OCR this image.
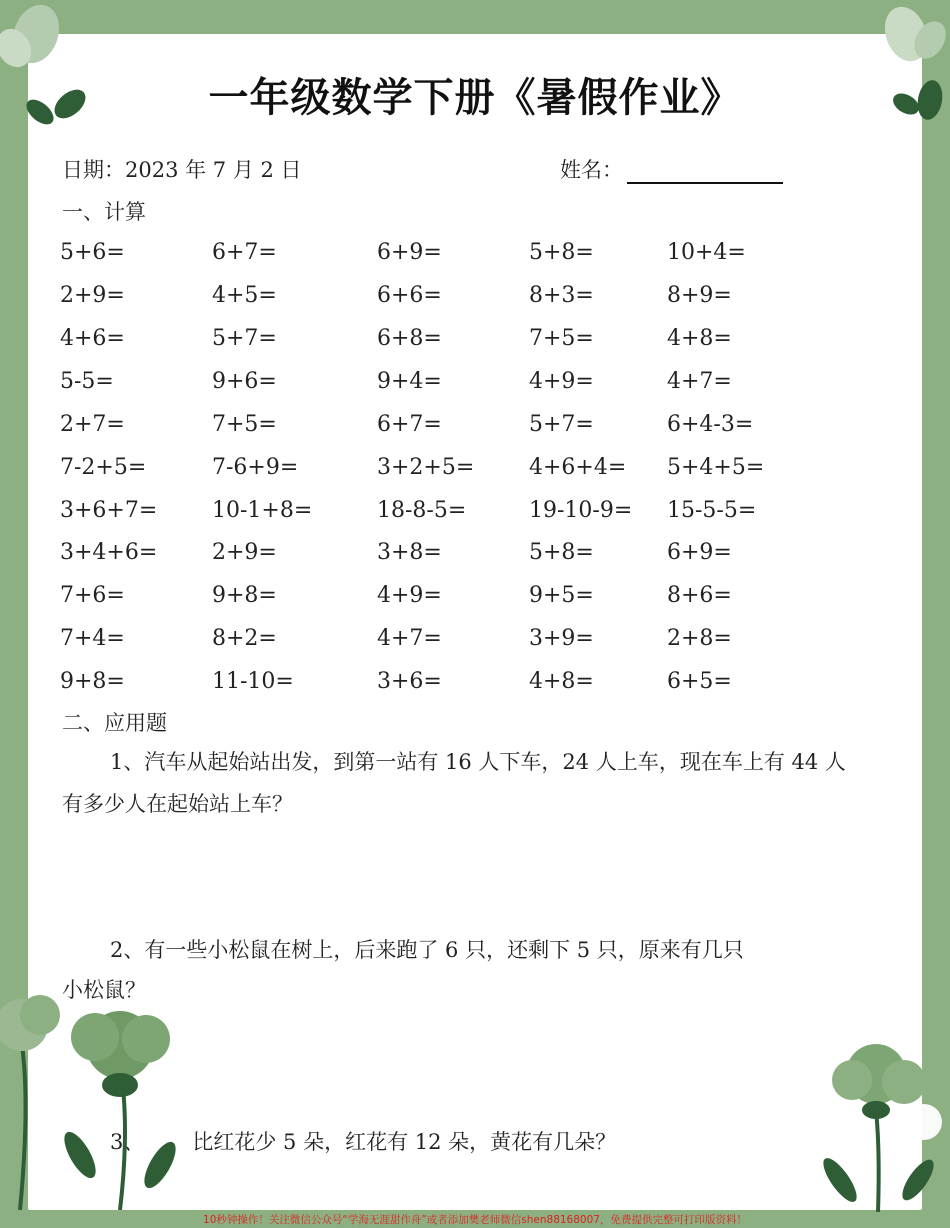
一年级数学下册《暑假作业》
日期：2023 年 7 月 2 日	姓名：
一、计算
5+6=	6+7=	6+9=	5+8=	10+4=
2+9=	4+5=	6+6=	8+3=	8+9=
4+6=	5+7=	6+8=	7+5=	4+8=
5-5=	9+6=	9+4=	4+9=	4+7=
2+7=	7+5=	6+7=	5+7=	6+4-3=
7-2+5=	7-6+9=	3+2+5= 4+6+4= 5+4+5=
3+6+7= 10-1+8=	18-8-5=	19-10-9= 15-5-5=
3+4+6= 2+9=	3+8=	5+8=	6+9=
7+6=	9+8=	4+9=	9+5=	8+6=
7+4=	8+2=	4+7=	3+9=	2+8=
9+8=	11-10=	3+6=	4+8=	6+5=
二、应用题
1、汽车从起始站出发，到第一站有 16 人下车，24 人上车，现在车上有 44 人
有多少人在起始站上车？
2、有一些小松鼠在树上，后来跑了 6 只，还剩下 5 只，原来有几只
小松鼠？
3、 比红花少 5 朵，红花有 12 朵，黄花有几朵？
10秒钟操作！关注微信公众号“学海无涯甜作舟”或者添加樊老师微信shen88168007，免费提供完整可打印版资料！
